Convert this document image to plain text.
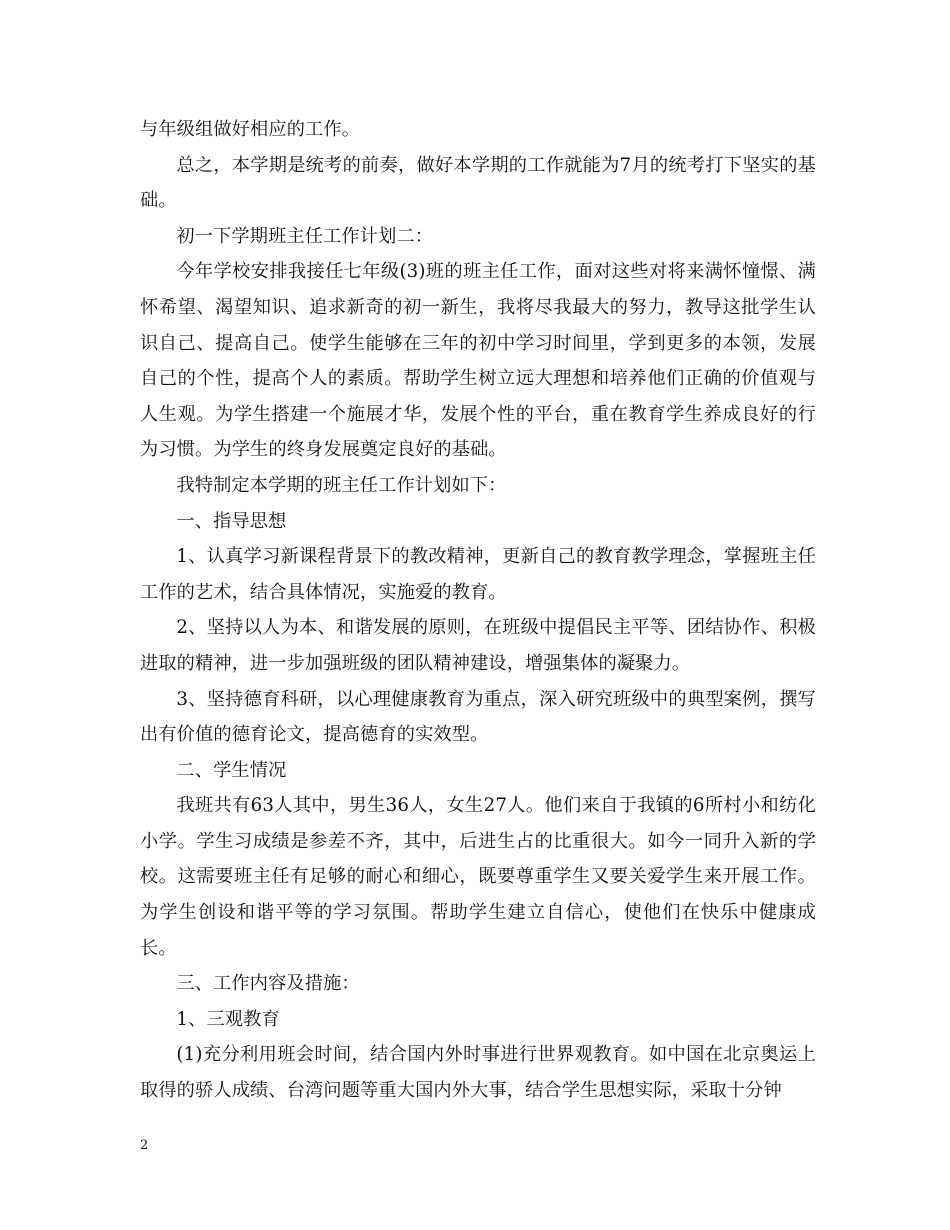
与年级组做好相应的工作。

总之，本学期是统考的前奏，做好本学期的工作就能为7月的统考打下坚实的基础。

初一下学期班主任工作计划二：

今年学校安排我接任七年级(3)班的班主任工作，面对这些对将来满怀憧憬、满怀希望、渴望知识、追求新奇的初一新生，我将尽我最大的努力，教导这批学生认识自己、提高自己。使学生能够在三年的初中学习时间里，学到更多的本领，发展自己的个性，提高个人的素质。帮助学生树立远大理想和培养他们正确的价值观与人生观。为学生搭建一个施展才华，发展个性的平台，重在教育学生养成良好的行为习惯。为学生的终身发展奠定良好的基础。

我特制定本学期的班主任工作计划如下：

一、指导思想

1、认真学习新课程背景下的教改精神，更新自己的教育教学理念，掌握班主任工作的艺术，结合具体情况，实施爱的教育。

2、坚持以人为本、和谐发展的原则，在班级中提倡民主平等、团结协作、积极进取的精神，进一步加强班级的团队精神建设，增强集体的凝聚力。

3、坚持德育科研，以心理健康教育为重点，深入研究班级中的典型案例，撰写出有价值的德育论文，提高德育的实效型。

二、学生情况

我班共有63人其中，男生36人，女生27人。他们来自于我镇的6所村小和纺化小学。学生习成绩是参差不齐，其中，后进生占的比重很大。如今一同升入新的学校。这需要班主任有足够的耐心和细心，既要尊重学生又要关爱学生来开展工作。为学生创设和谐平等的学习氛围。帮助学生建立自信心，使他们在快乐中健康成长。

三、工作内容及措施：

1、三观教育

(1)充分利用班会时间，结合国内外时事进行世界观教育。如中国在北京奥运上取得的骄人成绩、台湾问题等重大国内外大事，结合学生思想实际，采取十分钟

2
